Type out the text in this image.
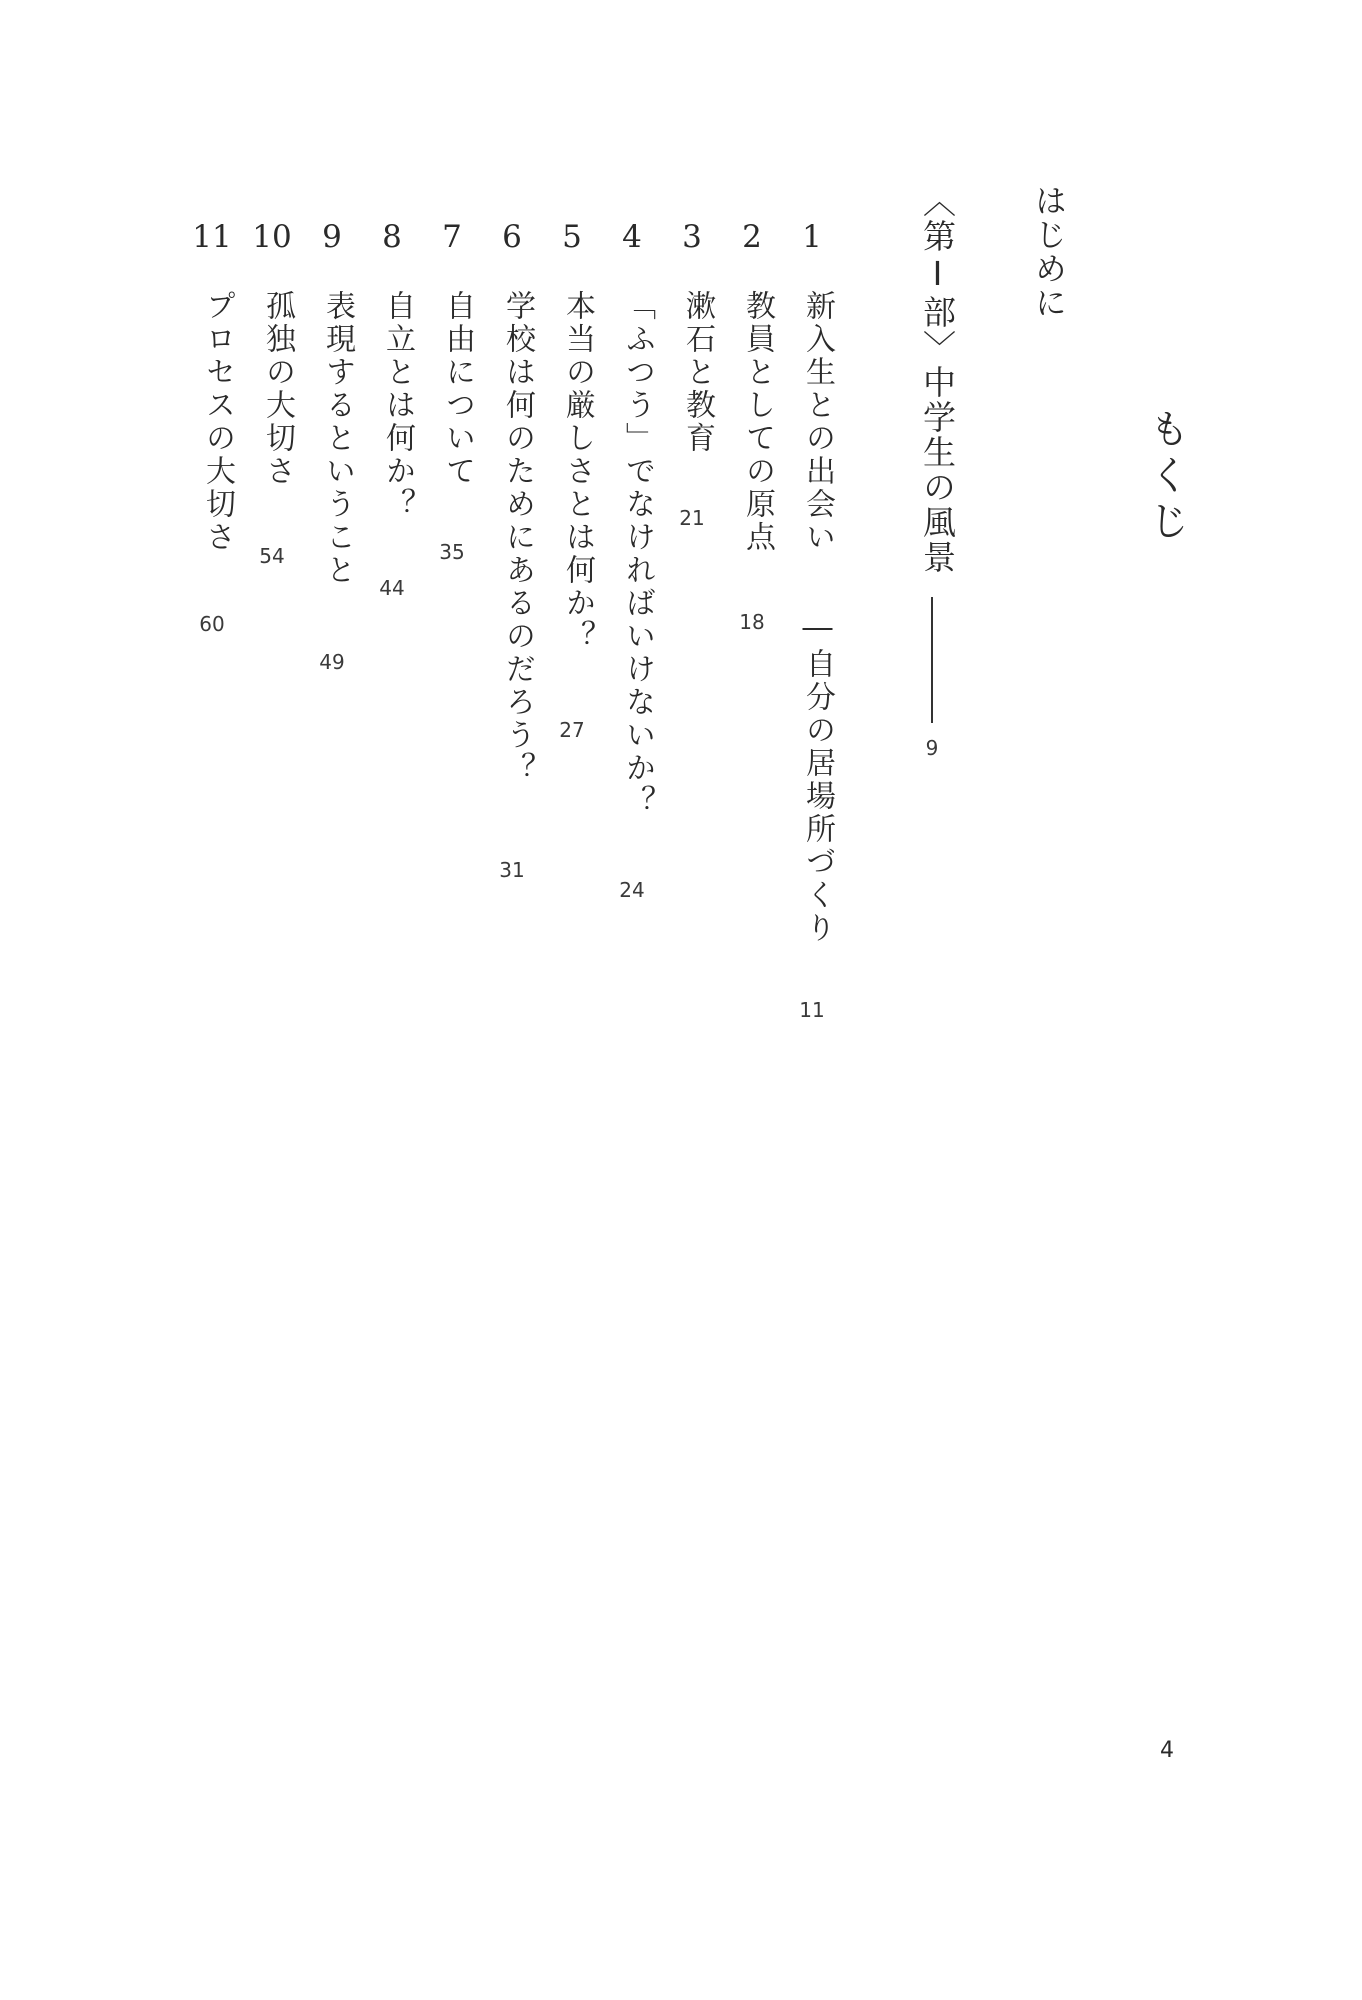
もくじ
はじめに
〈第Ⅰ部〉中学生の風景
9
1
新入生との出会い
―自分の居場所づくり
11
2
教員としての原点
18
3
漱石と教育
21
4
「ふつう」でなければいけないか？
24
5
本当の厳しさとは何か？
27
6
学校は何のためにあるのだろう？
31
7
自由について
35
8
自立とは何か？
44
9
表現するということ
49
10
孤独の大切さ
54
11
プロセスの大切さ
60
4
